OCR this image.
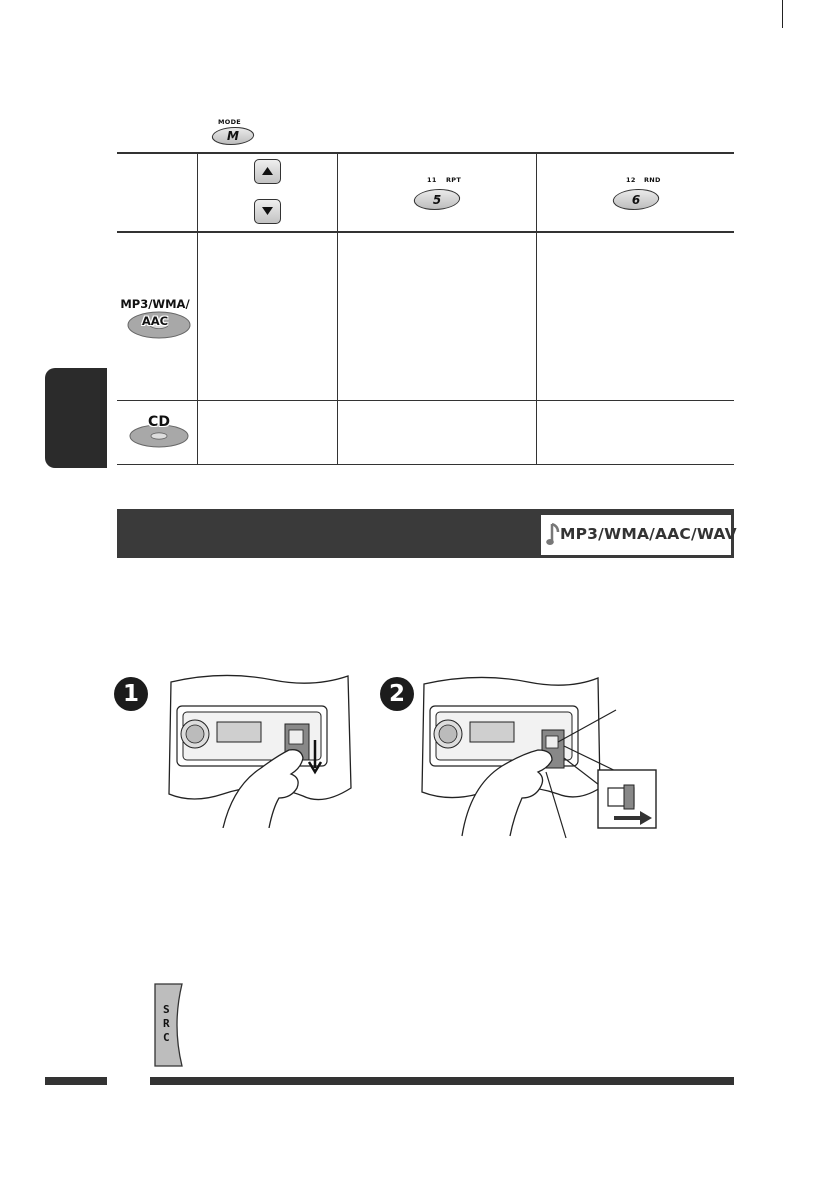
MODE
M
11 RPT
5
12 RND
6
MP3/WMA/
AAC
CD
MP3/WMA/AAC/WAV
1	2
S
R
C
